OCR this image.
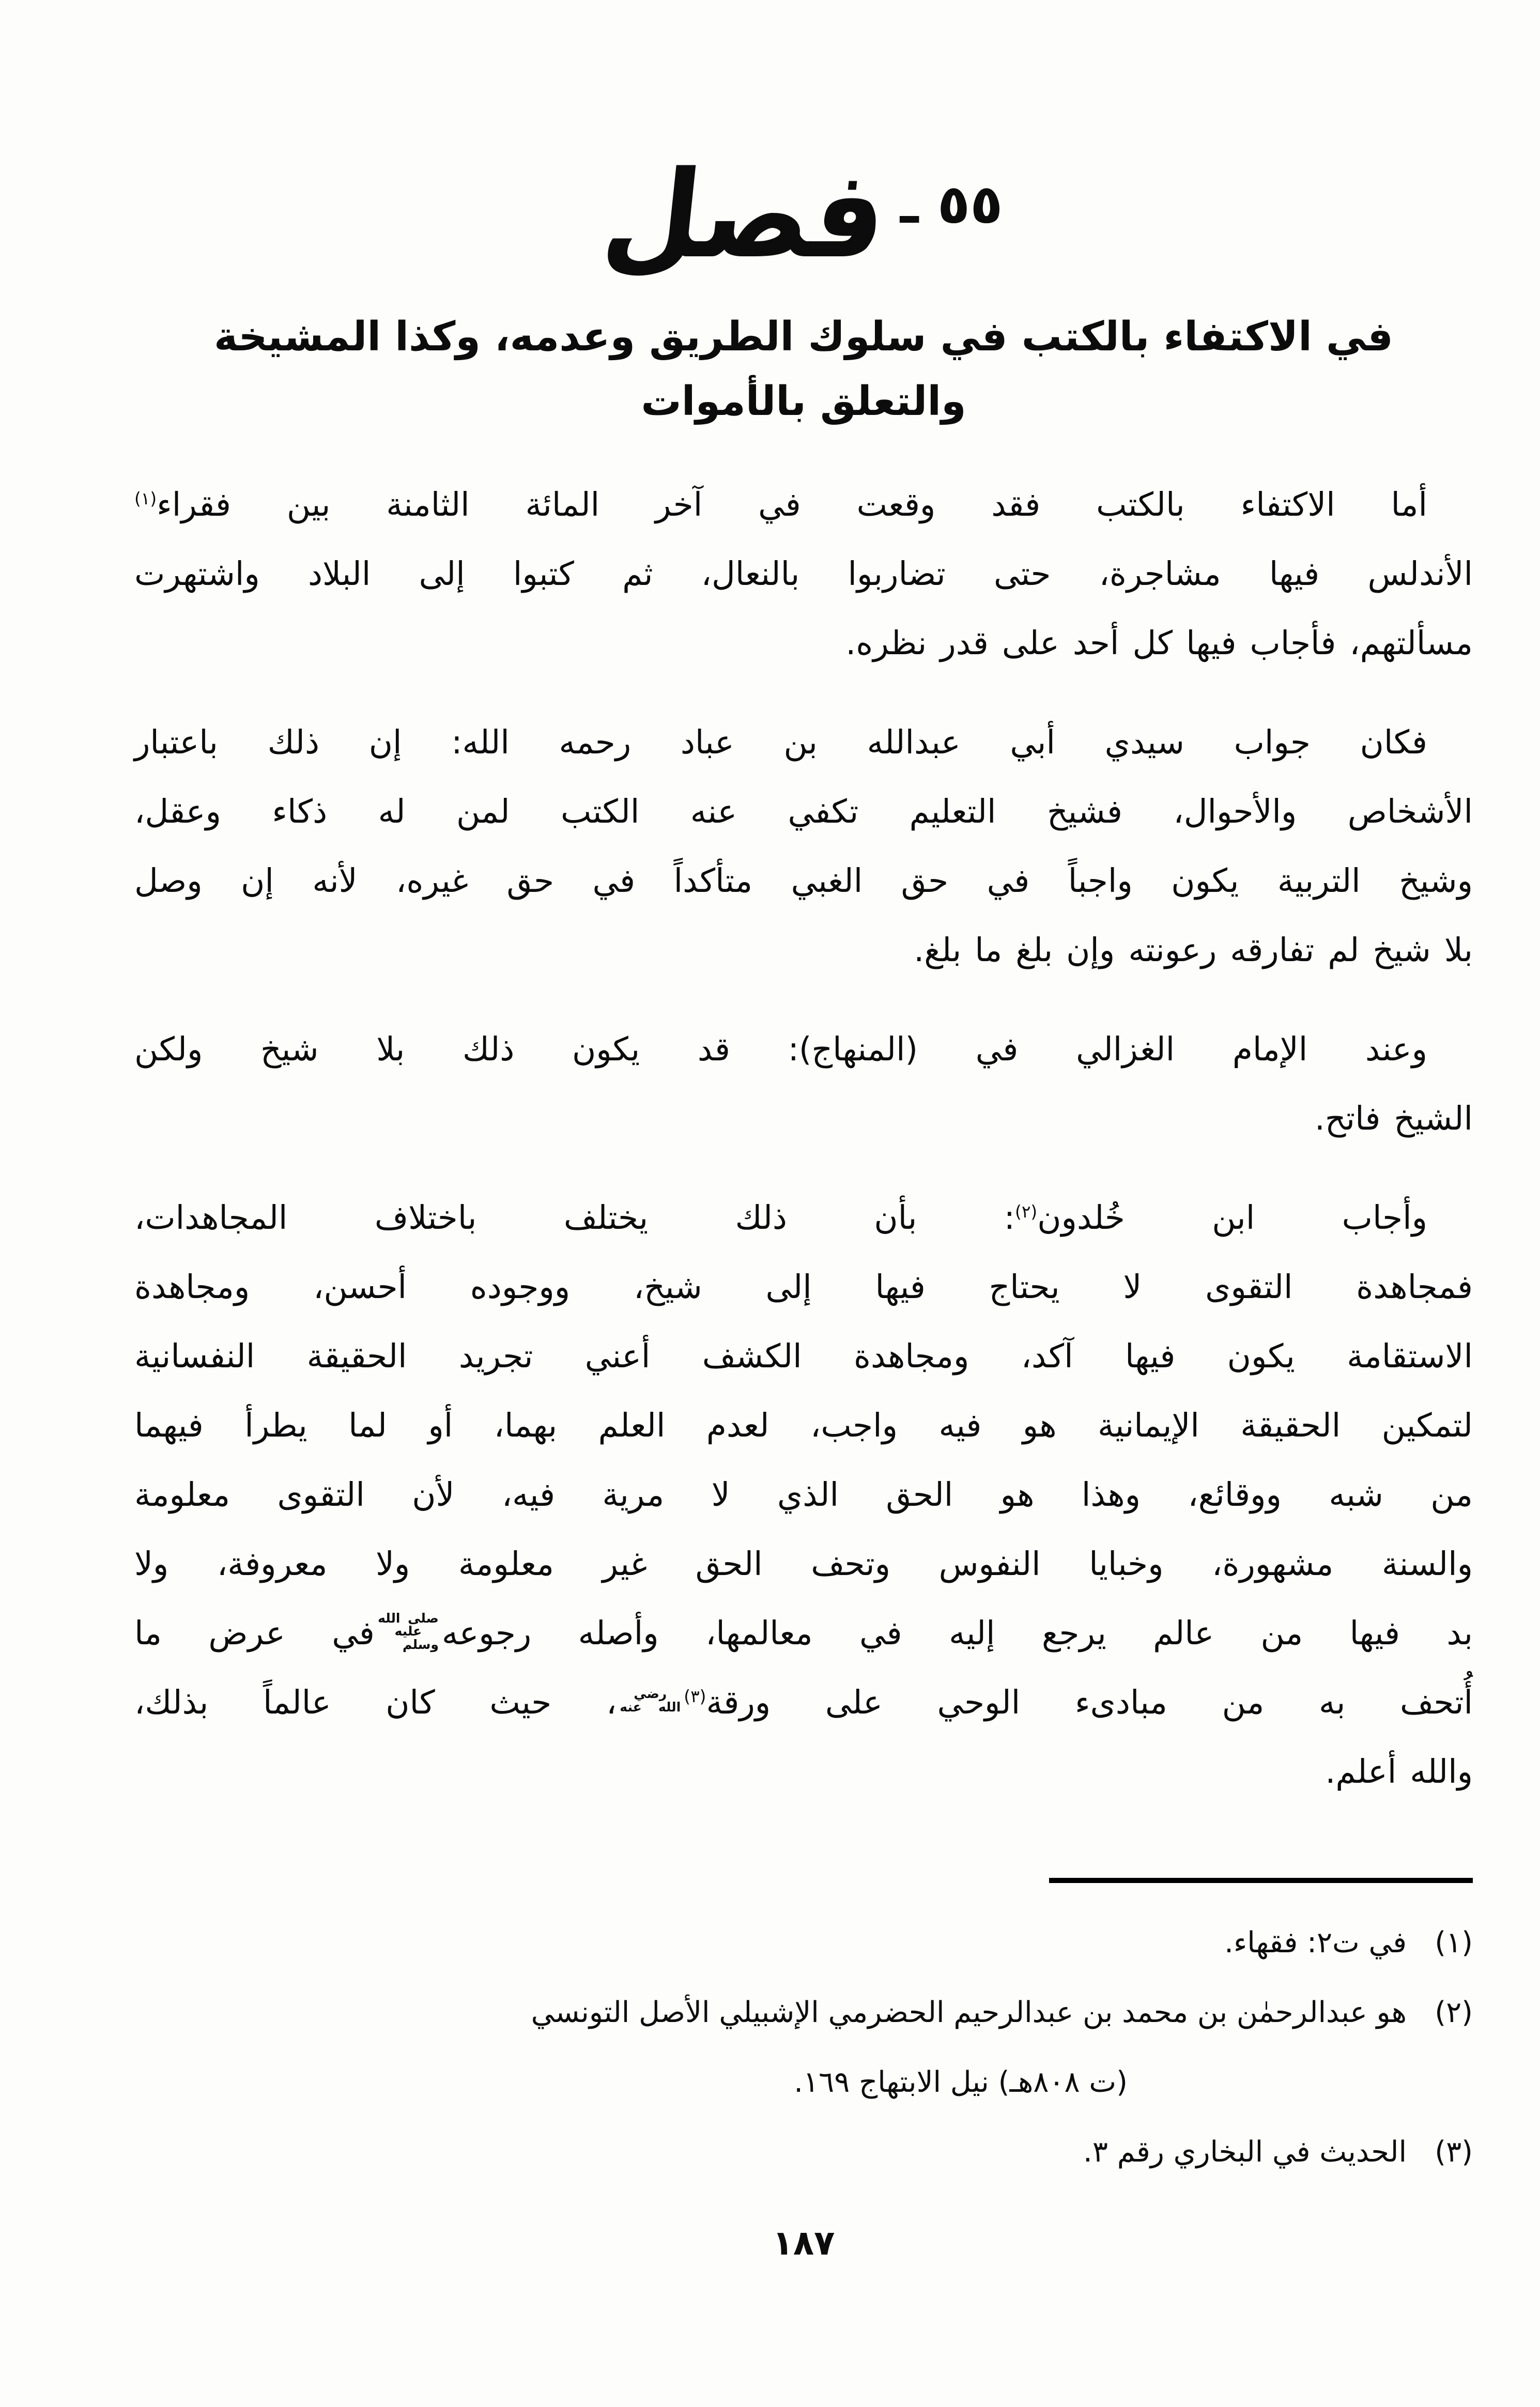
٥٥ ـ
فصل
في الاكتفاء بالكتب في سلوك الطريق وعدمه، وكذا المشيخة
والتعلق بالأموات
أما الاكتفاء بالكتب فقد وقعت في آخر المائة الثامنة بين فقراء$^{(١)}$
الأندلس فيها مشاجرة، حتى تضاربوا بالنعال، ثم كتبوا إلى البلاد واشتهرت
مسألتهم، فأجاب فيها كل أحد على قدر نظره.
فكان جواب سيدي أبي عبدالله بن عباد رحمه الله: إن ذلك باعتبار
الأشخاص والأحوال، فشيخ التعليم تكفي عنه الكتب لمن له ذكاء وعقل،
وشيخ التربية يكون واجباً في حق الغبي متأكداً في حق غيره، لأنه إن وصل
بلا شيخ لم تفارقه رعونته وإن بلغ ما بلغ.
وعند الإمام الغزالي في (المنهاج): قد يكون ذلك بلا شيخ ولكن
الشيخ فاتح.
وأجاب ابن خُلدون$^{(٢)}$: بأن ذلك يختلف باختلاف المجاهدات،
فمجاهدة التقوى لا يحتاج فيها إلى شيخ، ووجوده أحسن، ومجاهدة
الاستقامة يكون فيها آكد، ومجاهدة الكشف أعني تجريد الحقيقة النفسانية
لتمكين الحقيقة الإيمانية هو فيه واجب، لعدم العلم بهما، أو لما يطرأ فيهما
من شبه ووقائع، وهذا هو الحق الذي لا مرية فيه، لأن التقوى معلومة
والسنة مشهورة، وخبايا النفوس وتحف الحق غير معلومة ولا معروفة، ولا
بد فيها من عالم يرجع إليه في معالمها، وأصله رجوعهصلى الله عليه وسلمفي عرض ما
أُتحف به من مبادىء الوحي على ورقة$^{(٣)}$رضي الله عنه، حيث كان عالماً بذلك،
والله أعلم.
(١)
في ت٢: فقهاء.
(٢)
هو عبدالرحمٰن بن محمد بن عبدالرحيم الحضرمي الإشبيلي الأصل التونسي
(ت ٨٠٨هـ) نيل الابتهاج ١٦٩.
(٣)
الحديث في البخاري رقم ٣.
١٨٧
